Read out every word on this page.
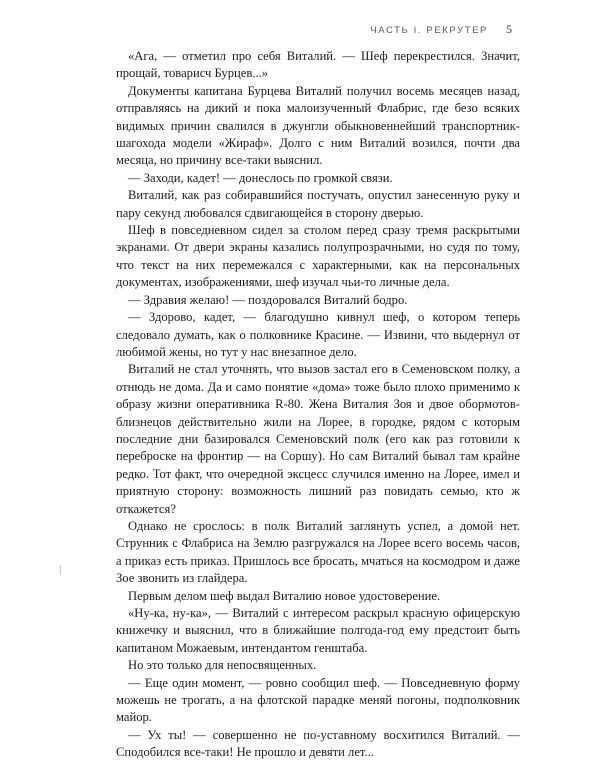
ЧАСТЬ I. РЕКРУТЕР 5

«Ага, — отметил про себя Виталий. — Шеф перекрестился. Значит, прощай, товарисч Бурцев...»

Документы капитана Бурцева Виталий получил восемь месяцев назад, отправляясь на дикий и пока малоизученный Флабрис, где безо всяких видимых причин свалился в джунгли обыкновеннейший транспортник-шагохода модели «Жираф». Долго с ним Виталий возился, почти два месяца, но причину все-таки выяснил.

— Заходи, кадет! — донеслось по громкой связи.

Виталий, как раз собиравшийся постучать, опустил занесенную руку и пару секунд любовался сдвигающейся в сторону дверью.

Шеф в повседневном сидел за столом перед сразу тремя раскрытыми экранами. От двери экраны казались полупрозрачными, но судя по тому, что текст на них перемежался с характерными, как на персональных документах, изображениями, шеф изучал чьи-то личные дела.

— Здравия желаю! — поздоровался Виталий бодро.

— Здорово, кадет, — благодушно кивнул шеф, о котором теперь следовало думать, как о полковнике Красине. — Извини, что выдернул от любимой жены, но тут у нас внезапное дело.

Виталий не стал уточнять, что вызов застал его в Семеновском полку, а отнюдь не дома. Да и само понятие «дома» тоже было плохо применимо к образу жизни оперативника R-80. Жена Виталия Зоя и двое обормотов-близнецов действительно жили на Лорее, в городке, рядом с которым последние дни базировался Семеновский полк (его как раз готовили к переброске на фронтир — на Соршу). Но сам Виталий бывал там крайне редко. Тот факт, что очередной эксцесс случился именно на Лорее, имел и приятную сторону: возможность лишний раз повидать семью, кто ж откажется?

Однако не срослось: в полк Виталий заглянуть успел, а домой нет. Струнник с Флабриса на Землю разгружался на Лорее всего восемь часов, а приказ есть приказ. Пришлось все бросать, мчаться на космодром и даже Зое звонить из глайдера.

Первым делом шеф выдал Виталию новое удостоверение.

«Ну-ка, ну-ка», — Виталий с интересом раскрыл красную офицерскую книжечку и выяснил, что в ближайшие полгода-год ему предстоит быть капитаном Можаевым, интендантом генштаба.

Но это только для непосвященных.

— Еще один момент, — ровно сообщил шеф. — Повседневную форму можешь не трогать, а на флотской парадке меняй погоны, подполковник майор.

— Ух ты! — совершенно не по-уставному восхитился Виталий. — Сподобился все-таки! Не прошло и девяти лет...
